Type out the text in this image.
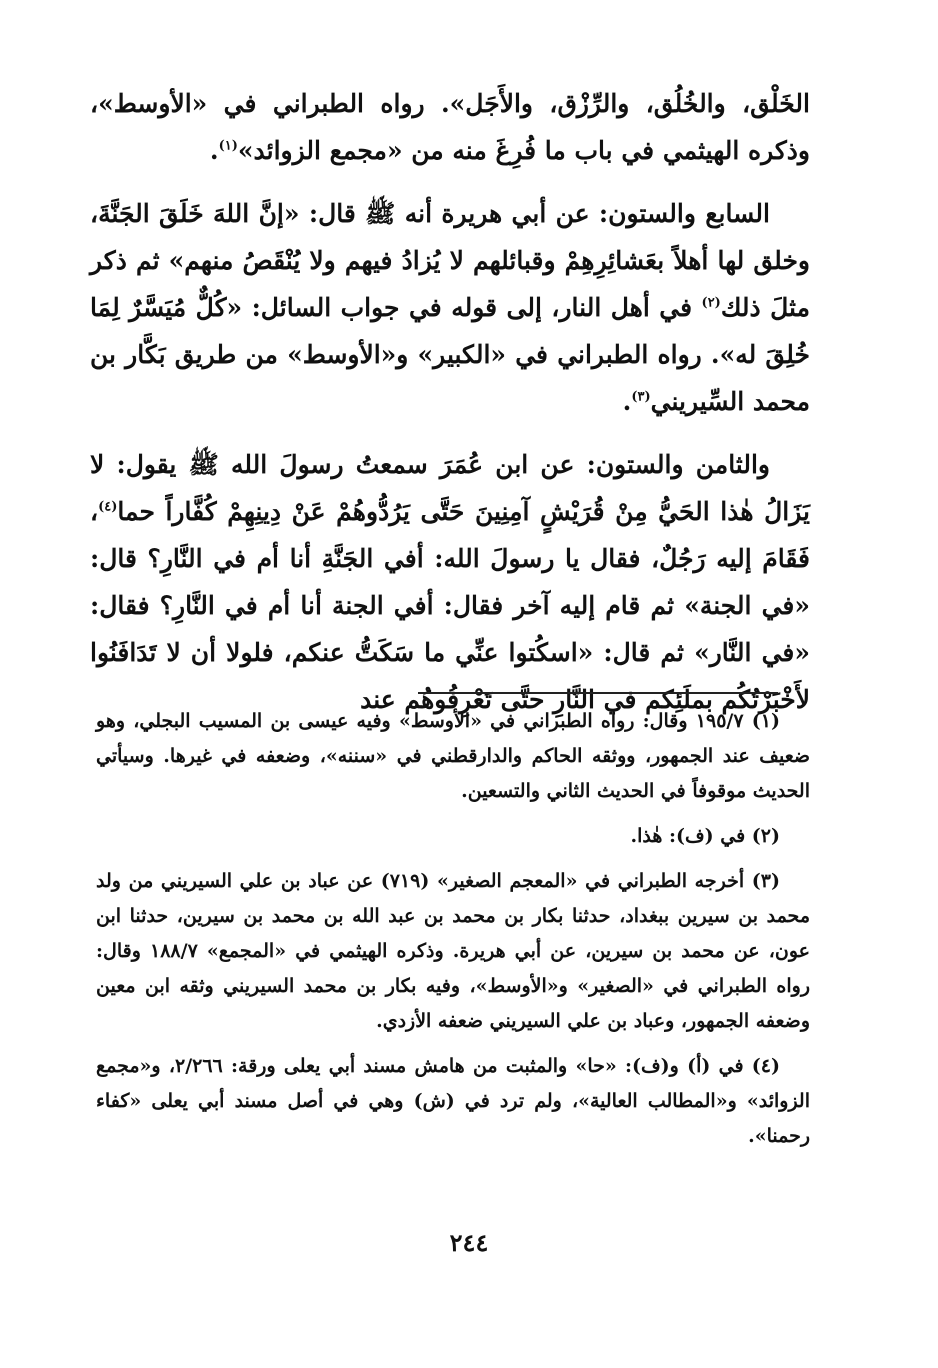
الخَلْق، والخُلُق، والرِّزْق، والأَجَل». رواه الطبراني في «الأوسط»، وذكره الهيثمي في باب ما فُرِغَ منه من «مجمع الزوائد»$^{(١)}$.

السابع والستون: عن أبي هريرة أنه ﷺ قال: «إنَّ اللهَ خَلَقَ الجَنَّةَ، وخلق لها أهلاً بعَشائِرِهِمْ وقبائلهم لا يُزادُ فيهم ولا يُنْقَصُ منهم» ثم ذكر مثلَ ذلك$^{(٢)}$ في أهل النار، إلى قوله في جواب السائل: «كُلٌّ مُيَسَّرٌ لِمَا خُلِقَ له». رواه الطبراني في «الكبير» و«الأوسط» من طريق بَكَّار بن محمد السِّيريني$^{(٣)}$.

والثامن والستون: عن ابن عُمَرَ سمعتُ رسولَ الله ﷺ يقول: لا يَزَالُ هٰذا الحَيُّ مِنْ قُرَيْشٍ آمِنِينَ حَتَّى يَرُدُّوهُمْ عَنْ دِينِهِمْ كُفَّاراً حما$^{(٤)}$، فَقَامَ إليه رَجُلٌ، فقال يا رسولَ الله: أفي الجَنَّةِ أنا أم في النَّارِ؟ قال: «في الجنة» ثم قام إليه آخر فقال: أفي الجنة أنا أم في النَّارِ؟ فقال: «في النَّار» ثم قال: «اسكُتوا عنِّي ما سَكَتُّ عنكم، فلولا أن لا تَدَافَنُوا لأَخْبَرْتُكُم بملَئِكم في النَّارِ حتَّى تَعْرِفُوهُم عند

(١) ١٩٥/٧ وقال: رواه الطبراني في «الأوسط» وفيه عيسى بن المسيب البجلي، وهو ضعيف عند الجمهور، ووثقه الحاكم والدارقطني في «سننه»، وضعفه في غيرها. وسيأتي الحديث موقوفاً في الحديث الثاني والتسعين.

(٢) في (ف): هٰذا.

(٣) أخرجه الطبراني في «المعجم الصغير» (٧١٩) عن عباد بن علي السيريني من ولد محمد بن سيرين ببغداد، حدثنا بكار بن محمد بن عبد الله بن محمد بن سيرين، حدثنا ابن عون، عن محمد بن سيرين، عن أبي هريرة. وذكره الهيثمي في «المجمع» ١٨٨/٧ وقال: رواه الطبراني في «الصغير» و«الأوسط»، وفيه بكار بن محمد السيريني وثقه ابن معين وضعفه الجمهور، وعباد بن علي السيريني ضعفه الأزدي.

(٤) في (أ) و(ف): «حا» والمثبت من هامش مسند أبي يعلى ورقة: ٢/٢٦٦، و«مجمع الزوائد» و«المطالب العالية»، ولم ترد في (ش) وهي في أصل مسند أبي يعلى «كفاء رحمنا».

٢٤٤
